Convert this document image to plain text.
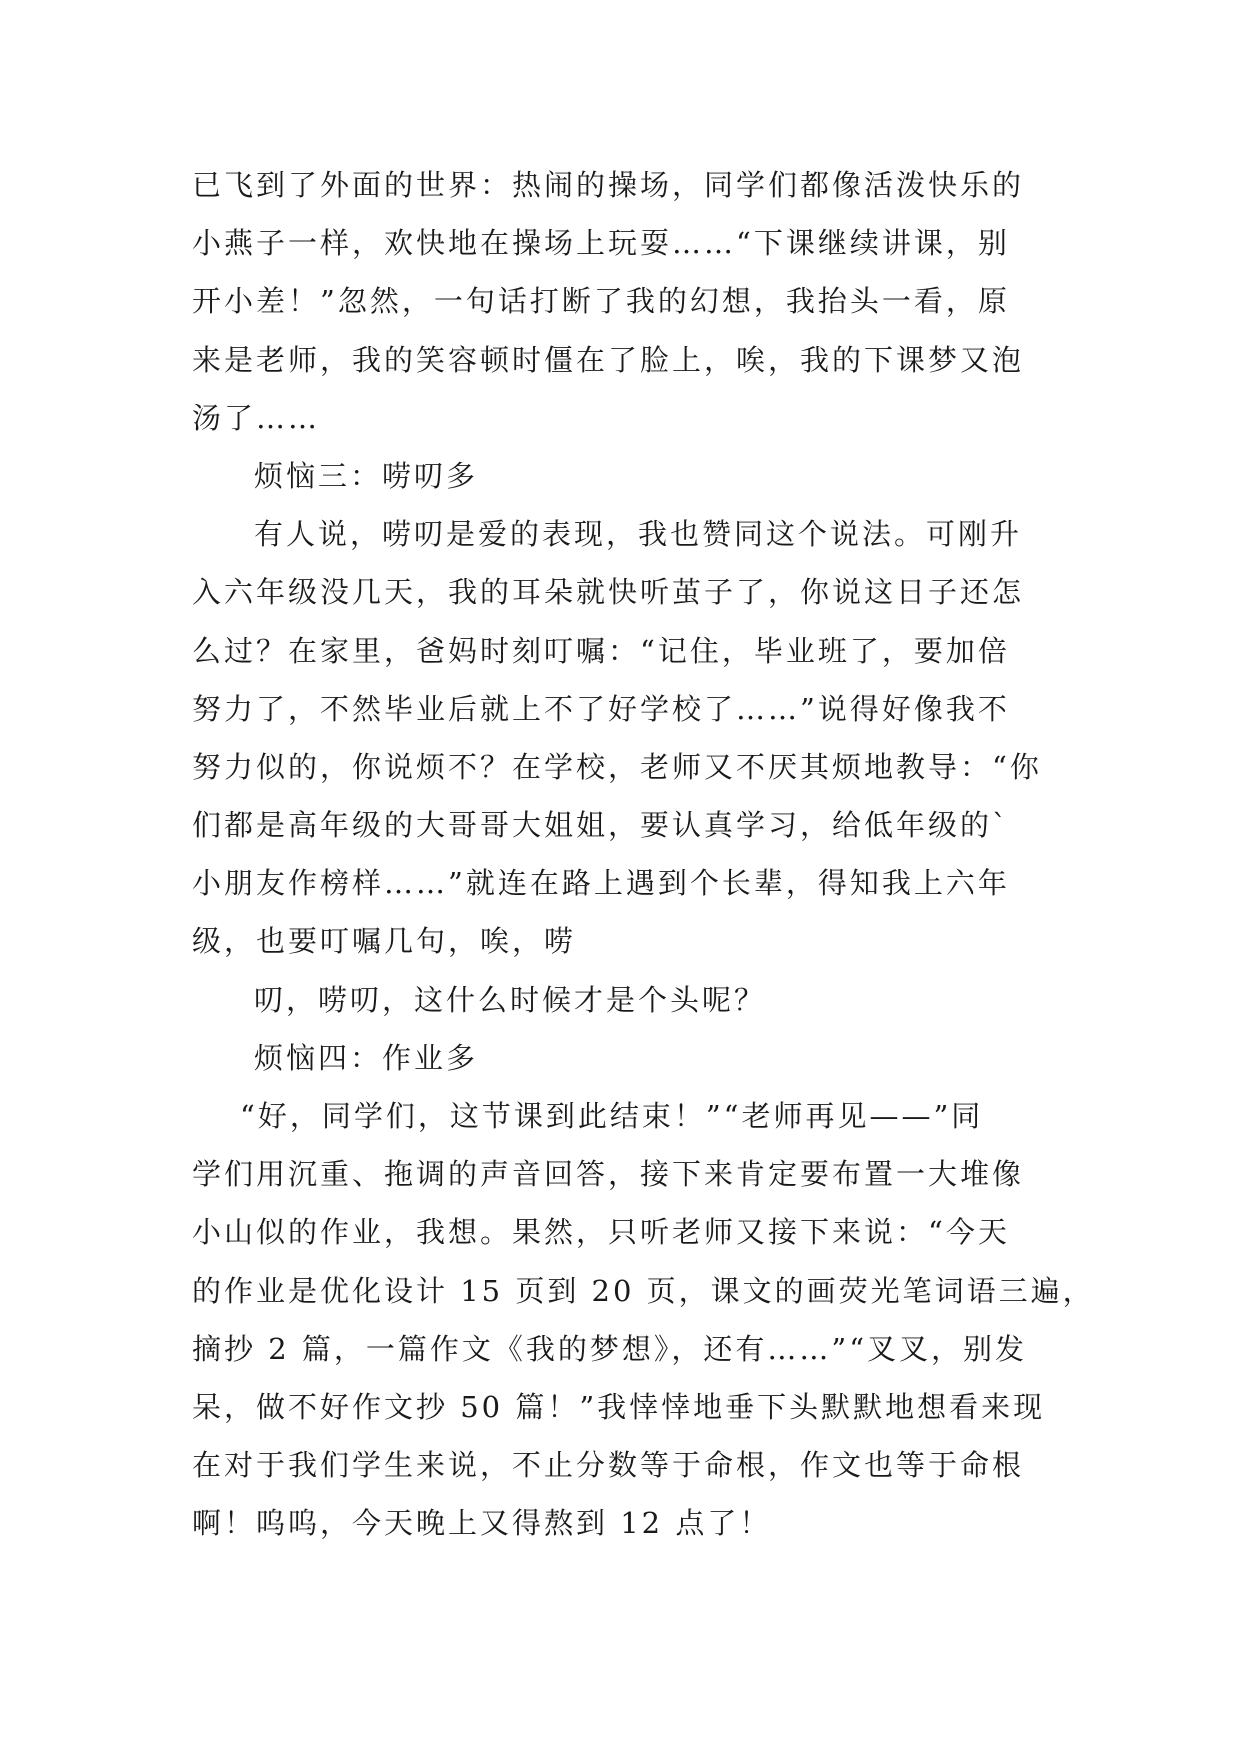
已飞到了外面的世界：热闹的操场，同学们都像活泼快乐的
小燕子一样，欢快地在操场上玩耍……“下课继续讲课，别
开小差！”忽然，一句话打断了我的幻想，我抬头一看，原
来是老师，我的笑容顿时僵在了脸上，唉，我的下课梦又泡
汤了……
烦恼三：唠叨多
有人说，唠叨是爱的表现，我也赞同这个说法。可刚升
入六年级没几天，我的耳朵就快听茧子了，你说这日子还怎
么过？在家里，爸妈时刻叮嘱：“记住，毕业班了，要加倍
努力了，不然毕业后就上不了好学校了……”说得好像我不
努力似的，你说烦不？在学校，老师又不厌其烦地教导：“你
们都是高年级的大哥哥大姐姐，要认真学习，给低年级的`
小朋友作榜样……”就连在路上遇到个长辈，得知我上六年
级，也要叮嘱几句，唉，唠
叨，唠叨，这什么时候才是个头呢？
烦恼四：作业多
“好，同学们，这节课到此结束！”“老师再见——”同
学们用沉重、拖调的声音回答，接下来肯定要布置一大堆像
小山似的作业，我想。果然，只听老师又接下来说：“今天
的作业是优化设计 15 页到 20 页，课文的画荧光笔词语三遍，
摘抄 2 篇，一篇作文《我的梦想》，还有……”“叉叉，别发
呆，做不好作文抄 50 篇！”我悻悻地垂下头默默地想看来现
在对于我们学生来说，不止分数等于命根，作文也等于命根
啊！呜呜，今天晚上又得熬到 12 点了！
